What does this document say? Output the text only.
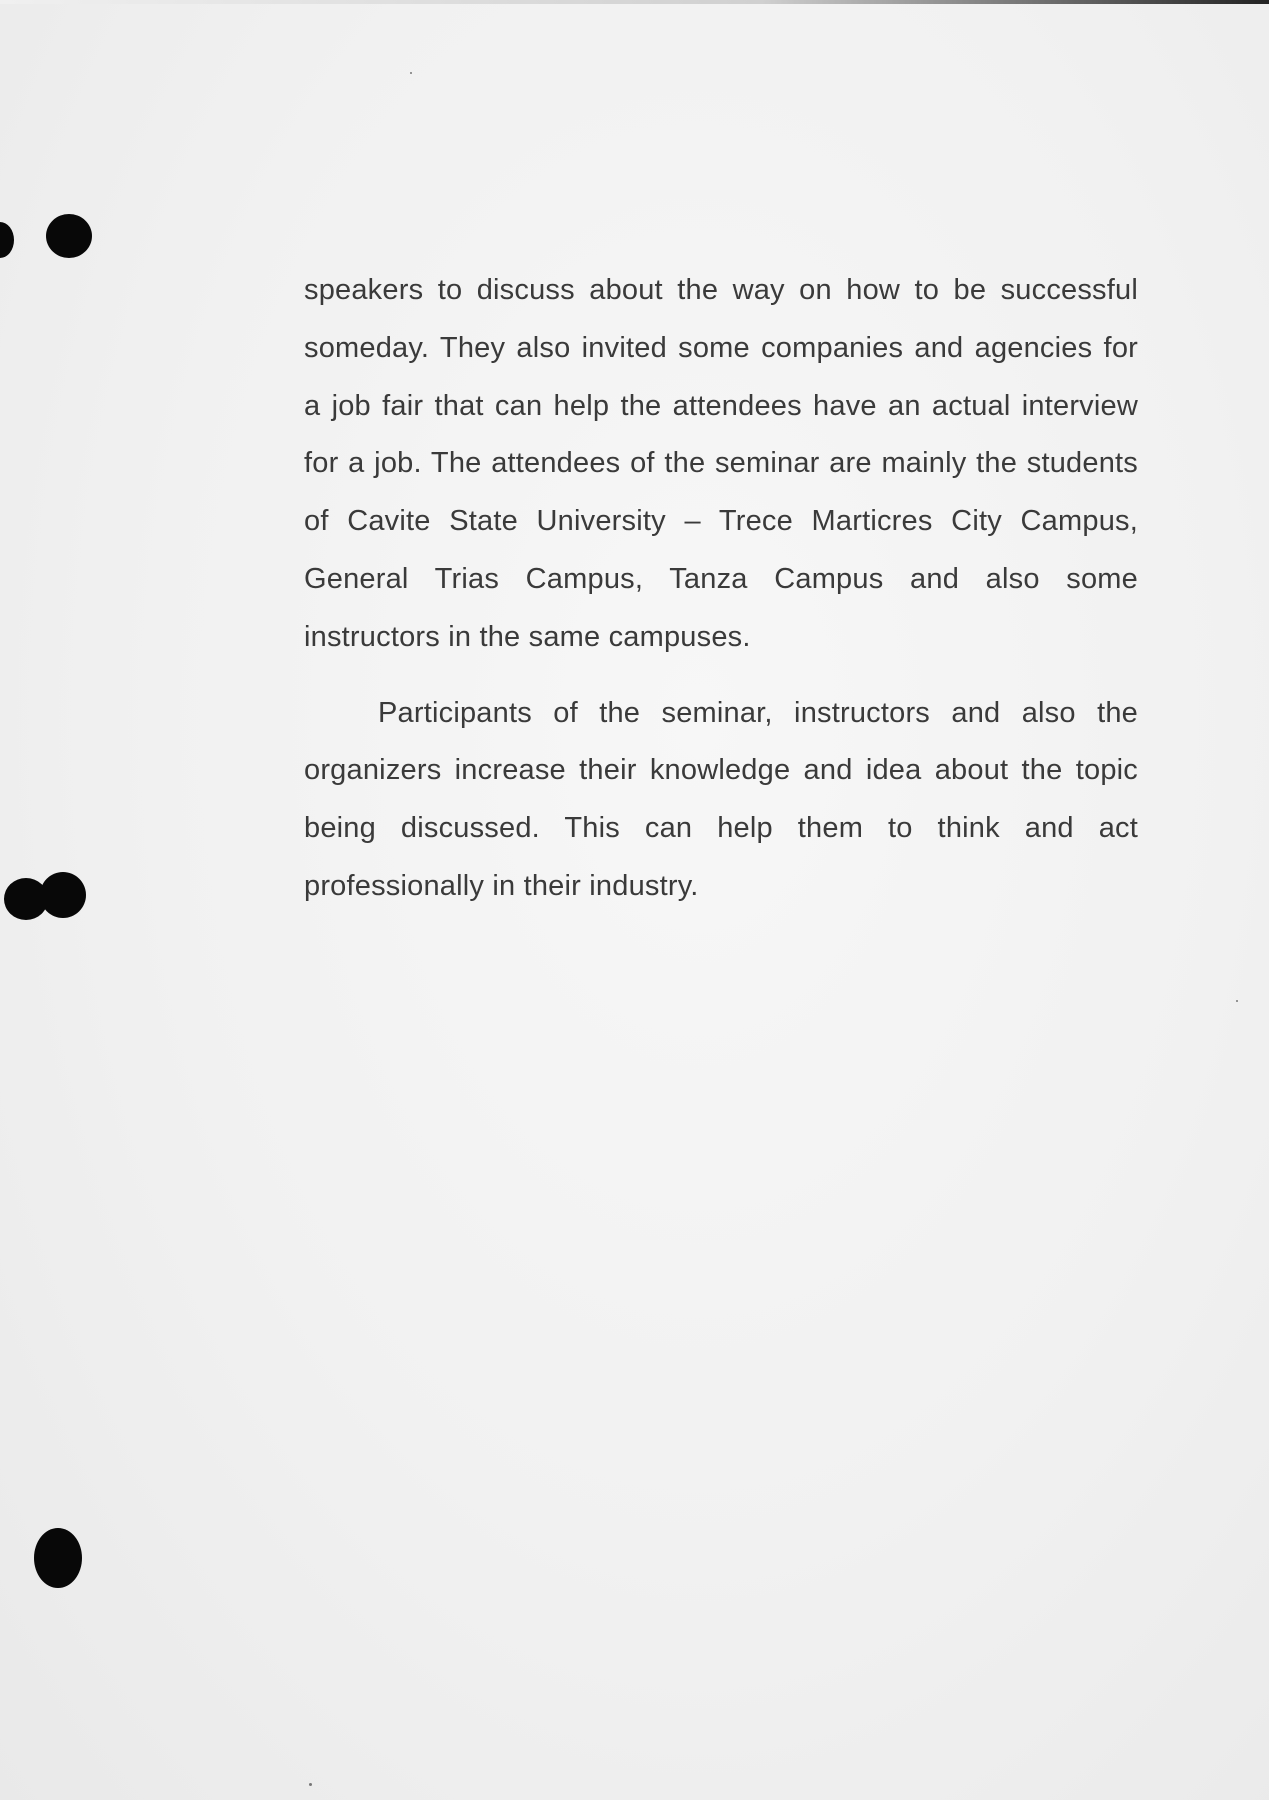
speakers to discuss about the way on how to be successful someday. They also invited some companies and agencies for a job fair that can help the attendees have an actual interview for a job. The attendees of the seminar are mainly the students of Cavite State University – Trece Marticres City Campus, General Trias Campus, Tanza Campus and also some instructors in the same campuses.

Participants of the seminar, instructors and also the organizers increase their knowledge and idea about the topic being discussed. This can help them to think and act professionally in their industry.
